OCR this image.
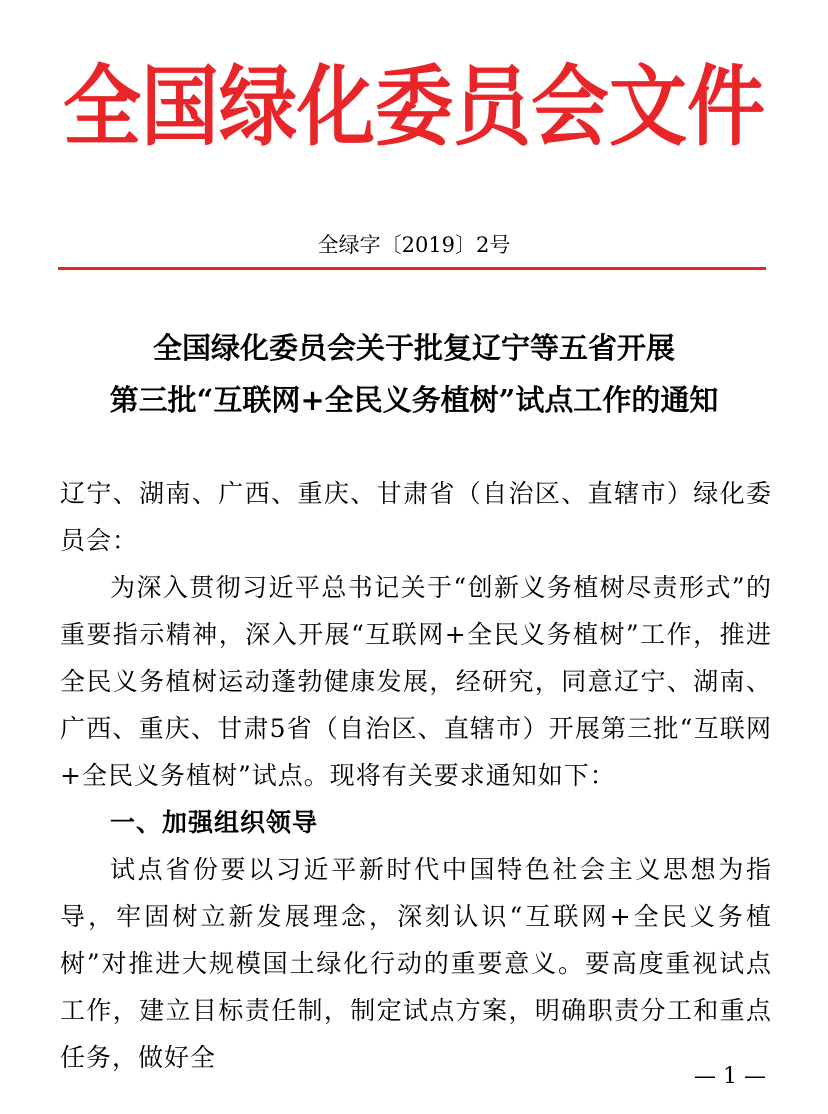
全国绿化委员会文件
全绿字〔2019〕2号
全国绿化委员会关于批复辽宁等五省开展
第三批“互联网+全民义务植树”试点工作的通知

辽宁、湖南、广西、重庆、甘肃省（自治区、直辖市）绿化委员会：

为深入贯彻习近平总书记关于“创新义务植树尽责形式”的重要指示精神，深入开展“互联网+全民义务植树”工作，推进全民义务植树运动蓬勃健康发展，经研究，同意辽宁、湖南、广西、重庆、甘肃5省（自治区、直辖市）开展第三批“互联网+全民义务植树”试点。现将有关要求通知如下：

一、加强组织领导

试点省份要以习近平新时代中国特色社会主义思想为指导，牢固树立新发展理念，深刻认识“互联网+全民义务植树”对推进大规模国土绿化行动的重要意义。要高度重视试点工作，建立目标责任制，制定试点方案，明确职责分工和重点任务，做好全

— 1 —
